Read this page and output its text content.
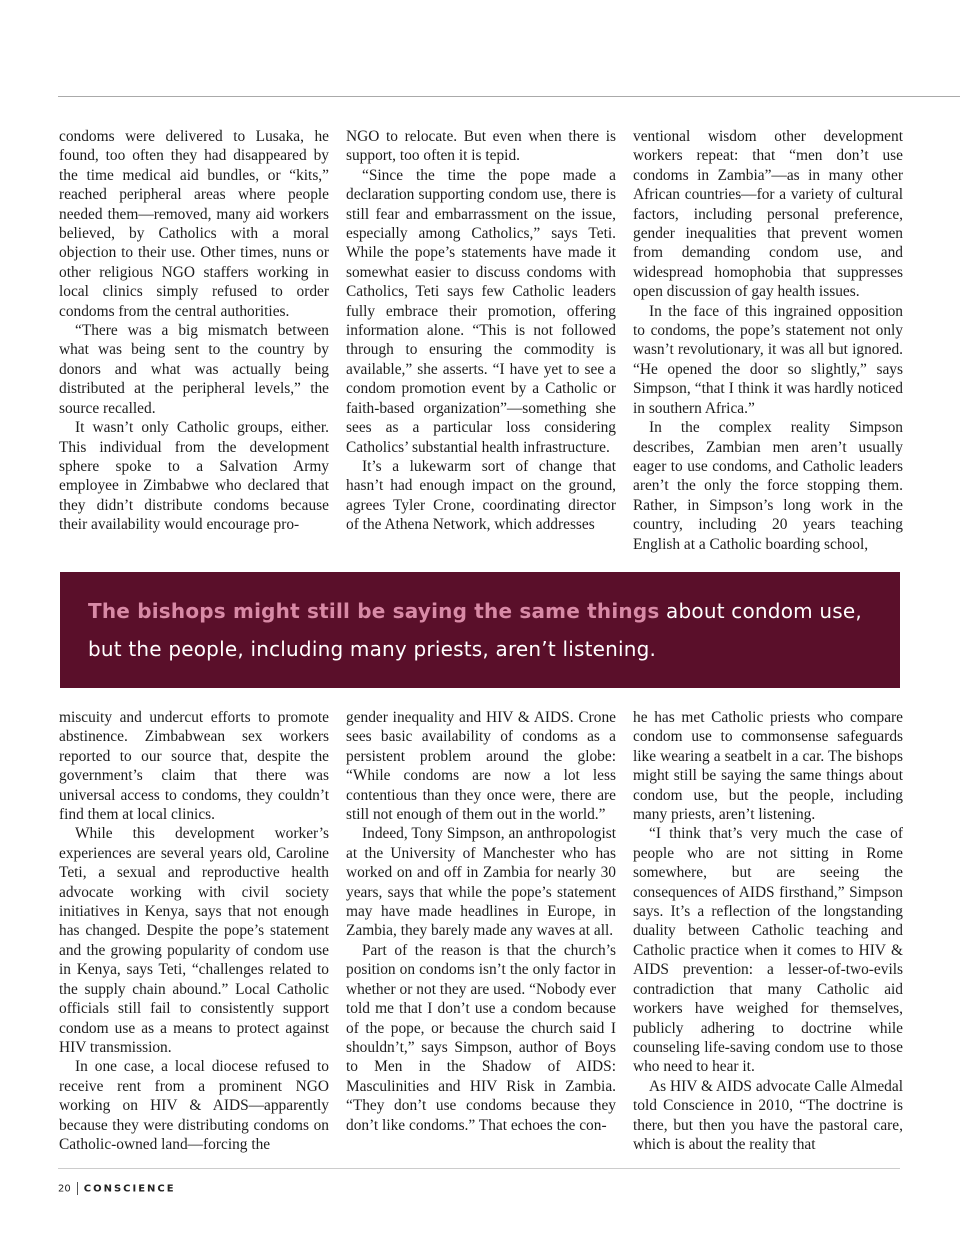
condoms were delivered to Lusaka, he found, too often they had disappeared by the time medical aid bundles, or “kits,” reached peripheral areas where people needed them—removed, many aid workers believed, by Catholics with a moral objection to their use. Other times, nuns or other religious NGO staffers working in local clinics simply refused to order condoms from the central authorities.

“There was a big mismatch between what was being sent to the country by donors and what was actually being distributed at the peripheral levels,” the source recalled.

It wasn’t only Catholic groups, either. This individual from the development sphere spoke to a Salvation Army employee in Zimbabwe who declared that they didn’t distribute condoms because their availability would encourage pro-

NGO to relocate. But even when there is support, too often it is tepid.

“Since the time the pope made a declaration supporting condom use, there is still fear and embarrassment on the issue, especially among Catholics,” says Teti. While the pope’s statements have made it somewhat easier to discuss condoms with Catholics, Teti says few Catholic leaders fully embrace their promotion, offering information alone. “This is not followed through to ensuring the commodity is available,” she asserts. “I have yet to see a condom promotion event by a Catholic or faith-based organization”—something she sees as a particular loss considering Catholics’ substantial health infrastructure.

It’s a lukewarm sort of change that hasn’t had enough impact on the ground, agrees Tyler Crone, coordinating director of the Athena Network, which addresses

ventional wisdom other development workers repeat: that “men don’t use condoms in Zambia”—as in many other African countries—for a variety of cultural factors, including personal preference, gender inequalities that prevent women from demanding condom use, and widespread homophobia that suppresses open discussion of gay health issues.

In the face of this ingrained opposition to condoms, the pope’s statement not only wasn’t revolutionary, it was all but ignored. “He opened the door so slightly,” says Simpson, “that I think it was hardly noticed in southern Africa.”

In the complex reality Simpson describes, Zambian men aren’t usually eager to use condoms, and Catholic leaders aren’t the only the force stopping them. Rather, in Simpson’s long work in the country, including 20 years teaching English at a Catholic boarding school,

The bishops might still be saying the same things about condom use, but the people, including many priests, aren’t listening.

miscuity and undercut efforts to promote abstinence. Zimbabwean sex workers reported to our source that, despite the government’s claim that there was universal access to condoms, they couldn’t find them at local clinics.

While this development worker’s experiences are several years old, Caroline Teti, a sexual and reproductive health advocate working with civil society initiatives in Kenya, says that not enough has changed. Despite the pope’s statement and the growing popularity of condom use in Kenya, says Teti, “challenges related to the supply chain abound.” Local Catholic officials still fail to consistently support condom use as a means to protect against HIV transmission.

In one case, a local diocese refused to receive rent from a prominent NGO working on HIV & AIDS—apparently because they were distributing condoms on Catholic-owned land—forcing the

gender inequality and HIV & AIDS. Crone sees basic availability of condoms as a persistent problem around the globe: “While condoms are now a lot less contentious than they once were, there are still not enough of them out in the world.”

Indeed, Tony Simpson, an anthropologist at the University of Manchester who has worked on and off in Zambia for nearly 30 years, says that while the pope’s statement may have made headlines in Europe, in Zambia, they barely made any waves at all.

Part of the reason is that the church’s position on condoms isn’t the only factor in whether or not they are used. “Nobody ever told me that I don’t use a condom because of the pope, or because the church said I shouldn’t,” says Simpson, author of Boys to Men in the Shadow of AIDS: Masculinities and HIV Risk in Zambia. “They don’t use condoms because they don’t like condoms.” That echoes the con-

he has met Catholic priests who compare condom use to commonsense safeguards like wearing a seatbelt in a car. The bishops might still be saying the same things about condom use, but the people, including many priests, aren’t listening.

“I think that’s very much the case of people who are not sitting in Rome somewhere, but are seeing the consequences of AIDS firsthand,” Simpson says. It’s a reflection of the longstanding duality between Catholic teaching and Catholic practice when it comes to HIV & AIDS prevention: a lesser-of-two-evils contradiction that many Catholic aid workers have weighed for themselves, publicly adhering to doctrine while counseling life-saving condom use to those who need to hear it.

As HIV & AIDS advocate Calle Almedal told Conscience in 2010, “The doctrine is there, but then you have the pastoral care, which is about the reality that

20 CONSCIENCE
